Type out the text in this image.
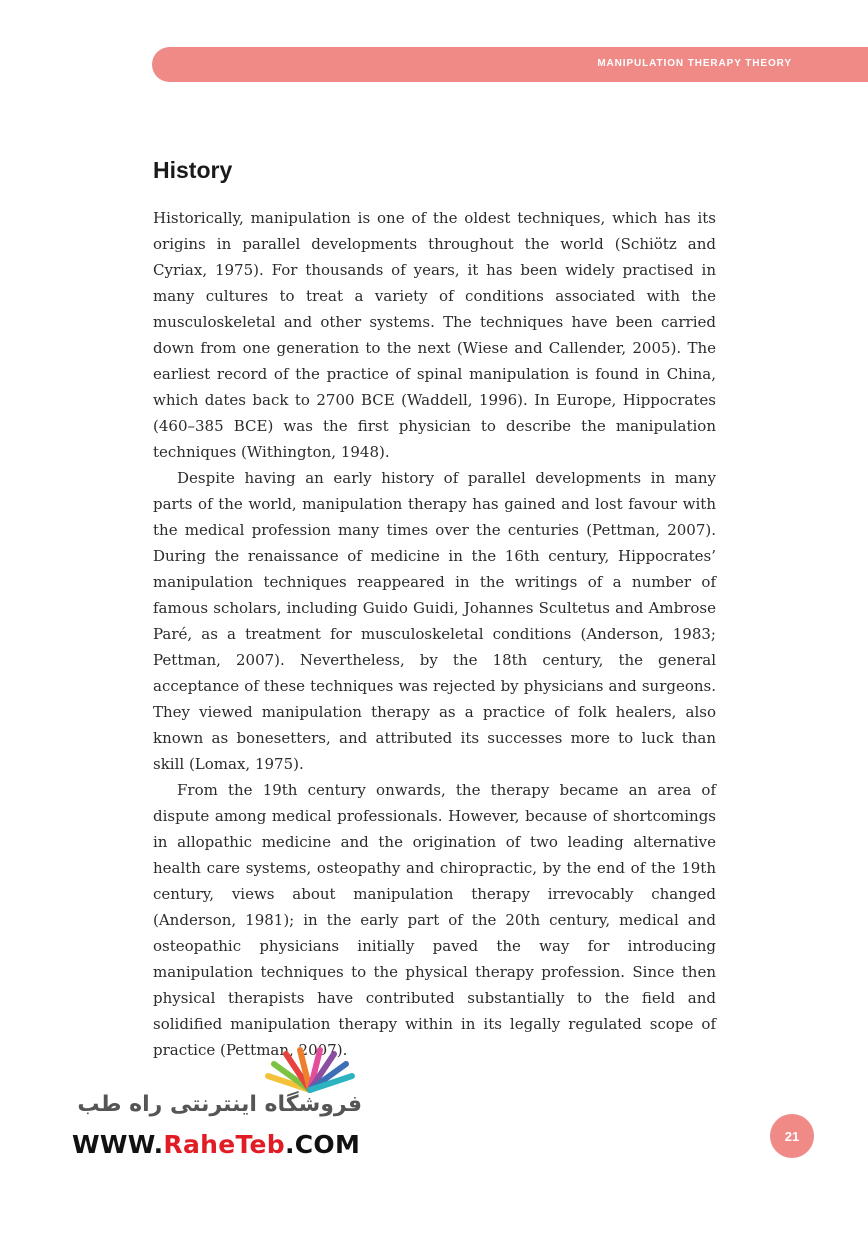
MANIPULATION THERAPY THEORY
History

Historically, manipulation is one of the oldest techniques, which has its origins in parallel developments throughout the world (Schiötz and Cyriax, 1975). For thousands of years, it has been widely practised in many cultures to treat a variety of conditions associated with the musculoskeletal and other systems. The techniques have been carried down from one generation to the next (Wiese and Callender, 2005). The earliest record of the practice of spinal manipulation is found in China, which dates back to 2700 BCE (Waddell, 1996). In Europe, Hippocrates (460–385 BCE) was the first physician to describe the manipulation techniques (Withington, 1948).

Despite having an early history of parallel developments in many parts of the world, manipulation therapy has gained and lost favour with the medical profession many times over the centuries (Pettman, 2007). During the renaissance of medicine in the 16th century, Hippocrates’ manipulation techniques reappeared in the writings of a number of famous scholars, including Guido Guidi, Johannes Scultetus and Ambrose Paré, as a treatment for musculoskeletal conditions (Anderson, 1983; Pettman, 2007). Nevertheless, by the 18th century, the general acceptance of these techniques was rejected by physicians and surgeons. They viewed manipulation therapy as a practice of folk healers, also known as bonesetters, and attributed its successes more to luck than skill (Lomax, 1975).

From the 19th century onwards, the therapy became an area of dispute among medical professionals. However, because of shortcomings in allopathic medicine and the origination of two leading alternative health care systems, osteopathy and chiropractic, by the end of the 19th century, views about manipulation therapy irrevocably changed (Anderson, 1981); in the early part of the 20th century, medical and osteopathic physicians initially paved the way for introducing manipulation techniques to the physical therapy profession. Since then physical therapists have contributed substantially to the field and solidified manipulation therapy within in its legally regulated scope of practice (Pettman, 2007).

فروشگاه اینترنتی راه طب
WWW.RaheTeb.COM	21
